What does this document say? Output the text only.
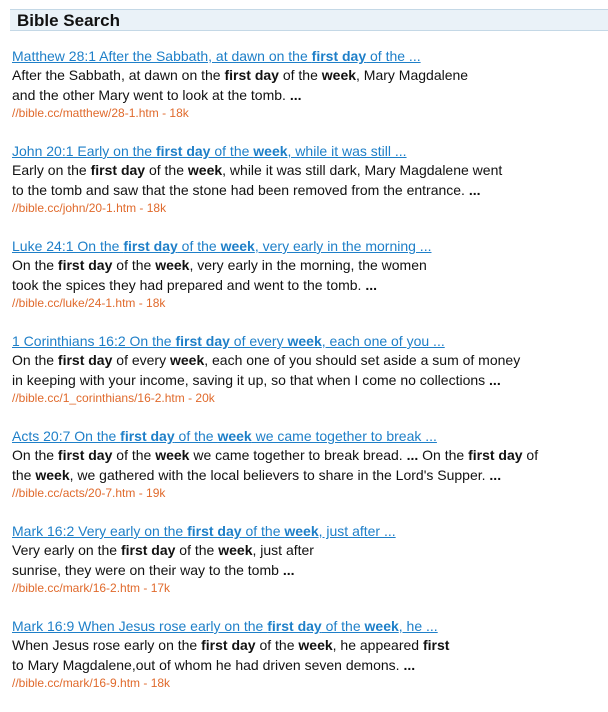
Bible Search
Matthew 28:1 After the Sabbath, at dawn on the first day of the ...
After the Sabbath, at dawn on the first day of the week, Mary Magdalene
and the other Mary went to look at the tomb. ...
//bible.cc/matthew/28-1.htm - 18k
John 20:1 Early on the first day of the week, while it was still ...
Early on the first day of the week, while it was still dark, Mary Magdalene went
to the tomb and saw that the stone had been removed from the entrance. ...
//bible.cc/john/20-1.htm - 18k
Luke 24:1 On the first day of the week, very early in the morning ...
On the first day of the week, very early in the morning, the women
took the spices they had prepared and went to the tomb. ...
//bible.cc/luke/24-1.htm - 18k
1 Corinthians 16:2 On the first day of every week, each one of you ...
On the first day of every week, each one of you should set aside a sum of money
in keeping with your income, saving it up, so that when I come no collections ...
//bible.cc/1_corinthians/16-2.htm - 20k
Acts 20:7 On the first day of the week we came together to break ...
On the first day of the week we came together to break bread. ... On the first day of
the week, we gathered with the local believers to share in the Lord's Supper. ...
//bible.cc/acts/20-7.htm - 19k
Mark 16:2 Very early on the first day of the week, just after ...
Very early on the first day of the week, just after
sunrise, they were on their way to the tomb ...
//bible.cc/mark/16-2.htm - 17k
Mark 16:9 When Jesus rose early on the first day of the week, he ...
When Jesus rose early on the first day of the week, he appeared first
to Mary Magdalene,out of whom he had driven seven demons. ...
//bible.cc/mark/16-9.htm - 18k
